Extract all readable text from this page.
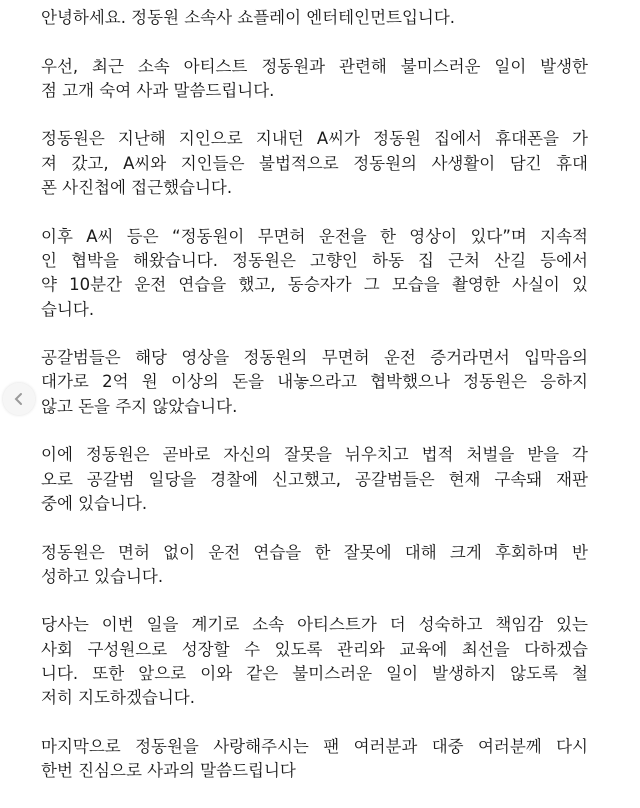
안녕하세요. 정동원 소속사 쇼플레이 엔터테인먼트입니다.
우선, 최근 소속 아티스트 정동원과 관련해 불미스러운 일이 발생한
점 고개 숙여 사과 말씀드립니다.
정동원은 지난해 지인으로 지내던 A씨가 정동원 집에서 휴대폰을 가
져 갔고, A씨와 지인들은 불법적으로 정동원의 사생활이 담긴 휴대
폰 사진첩에 접근했습니다.
이후 A씨 등은 “정동원이 무면허 운전을 한 영상이 있다”며 지속적
인 협박을 해왔습니다. 정동원은 고향인 하동 집 근처 산길 등에서
약 10분간 운전 연습을 했고, 동승자가 그 모습을 촬영한 사실이 있
습니다.
공갈범들은 해당 영상을 정동원의 무면허 운전 증거라면서 입막음의
대가로 2억 원 이상의 돈을 내놓으라고 협박했으나 정동원은 응하지
않고 돈을 주지 않았습니다.
이에 정동원은 곧바로 자신의 잘못을 뉘우치고 법적 처벌을 받을 각
오로 공갈범 일당을 경찰에 신고했고, 공갈범들은 현재 구속돼 재판
중에 있습니다.
정동원은 면허 없이 운전 연습을 한 잘못에 대해 크게 후회하며 반
성하고 있습니다.
당사는 이번 일을 계기로 소속 아티스트가 더 성숙하고 책임감 있는
사회 구성원으로 성장할 수 있도록 관리와 교육에 최선을 다하겠습
니다. 또한 앞으로 이와 같은 불미스러운 일이 발생하지 않도록 철
저히 지도하겠습니다.
마지막으로 정동원을 사랑해주시는 팬 여러분과 대중 여러분께 다시
한번 진심으로 사과의 말씀드립니다
